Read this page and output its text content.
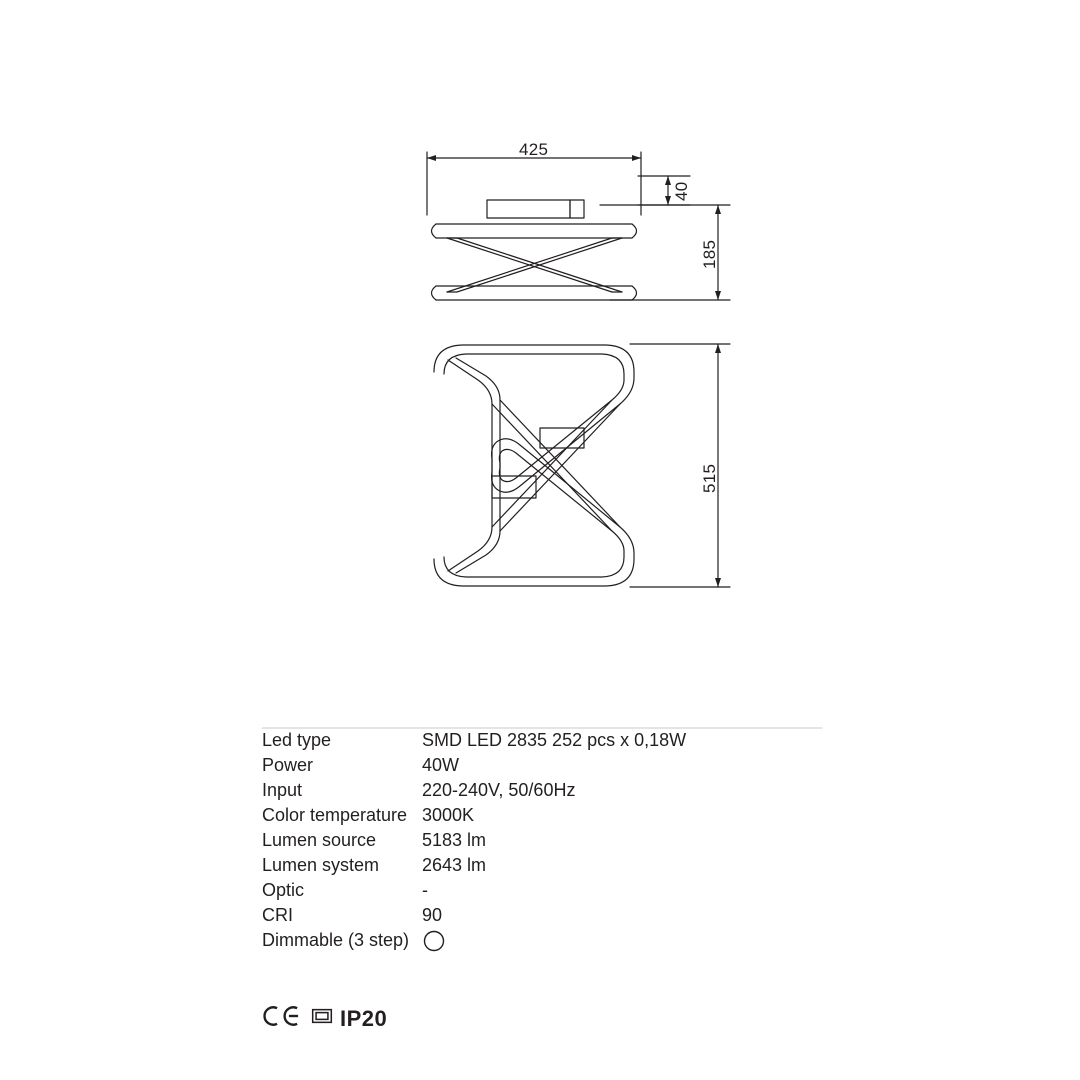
425
40
185
515
Led type	SMD LED 2835 252 pcs x 0,18W
Power	40W
Input	220-240V, 50/60Hz
Color temperature 3000K
Lumen source	5183 lm
Lumen system	2643 lm
Optic	-
CRI	90
Dimmable (3 step)
IP20
